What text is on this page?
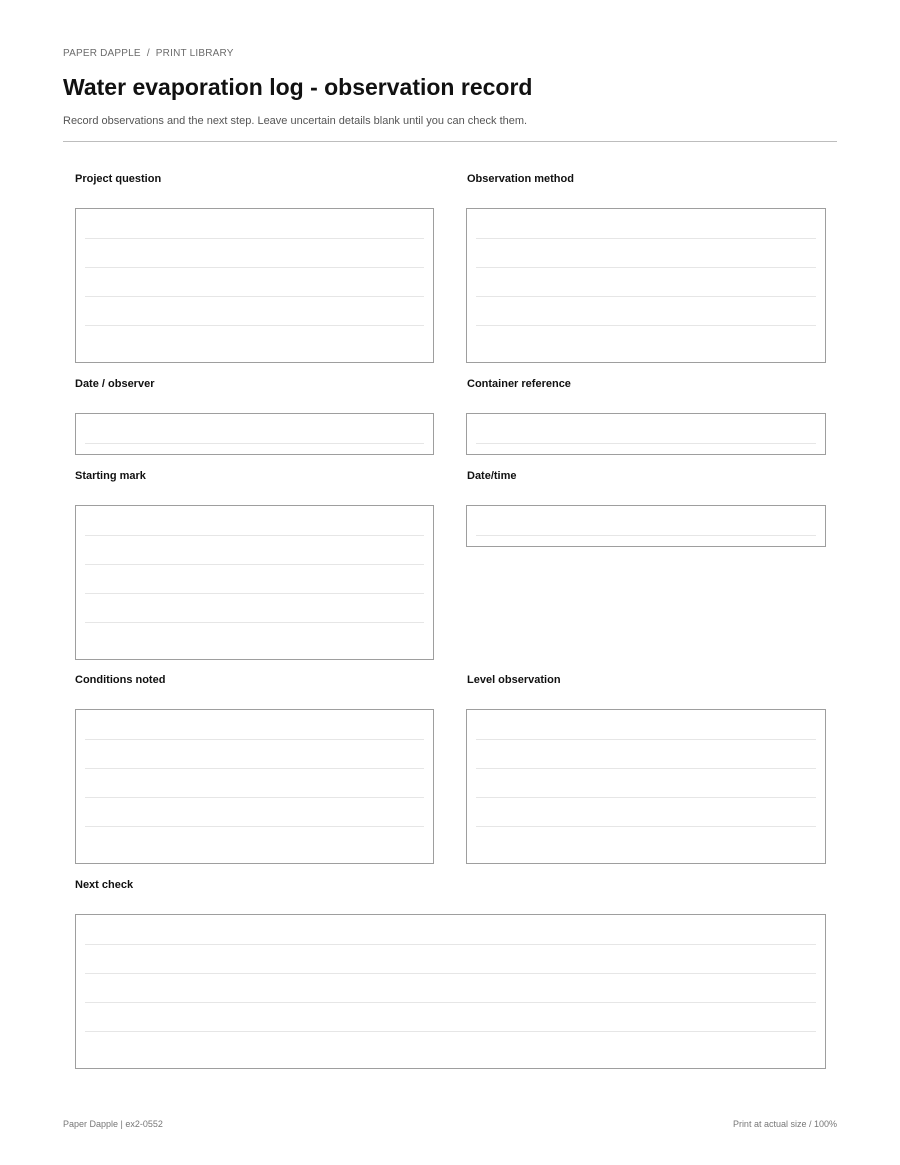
PAPER DAPPLE / PRINT LIBRARY
Water evaporation log - observation record
Record observations and the next step. Leave uncertain details blank until you can check them.
Project question	Observation method
Date / observer	Container reference
Starting mark	Date/time
Conditions noted	Level observation
Next check
Paper Dapple | ex2-0552	Print at actual size / 100%
